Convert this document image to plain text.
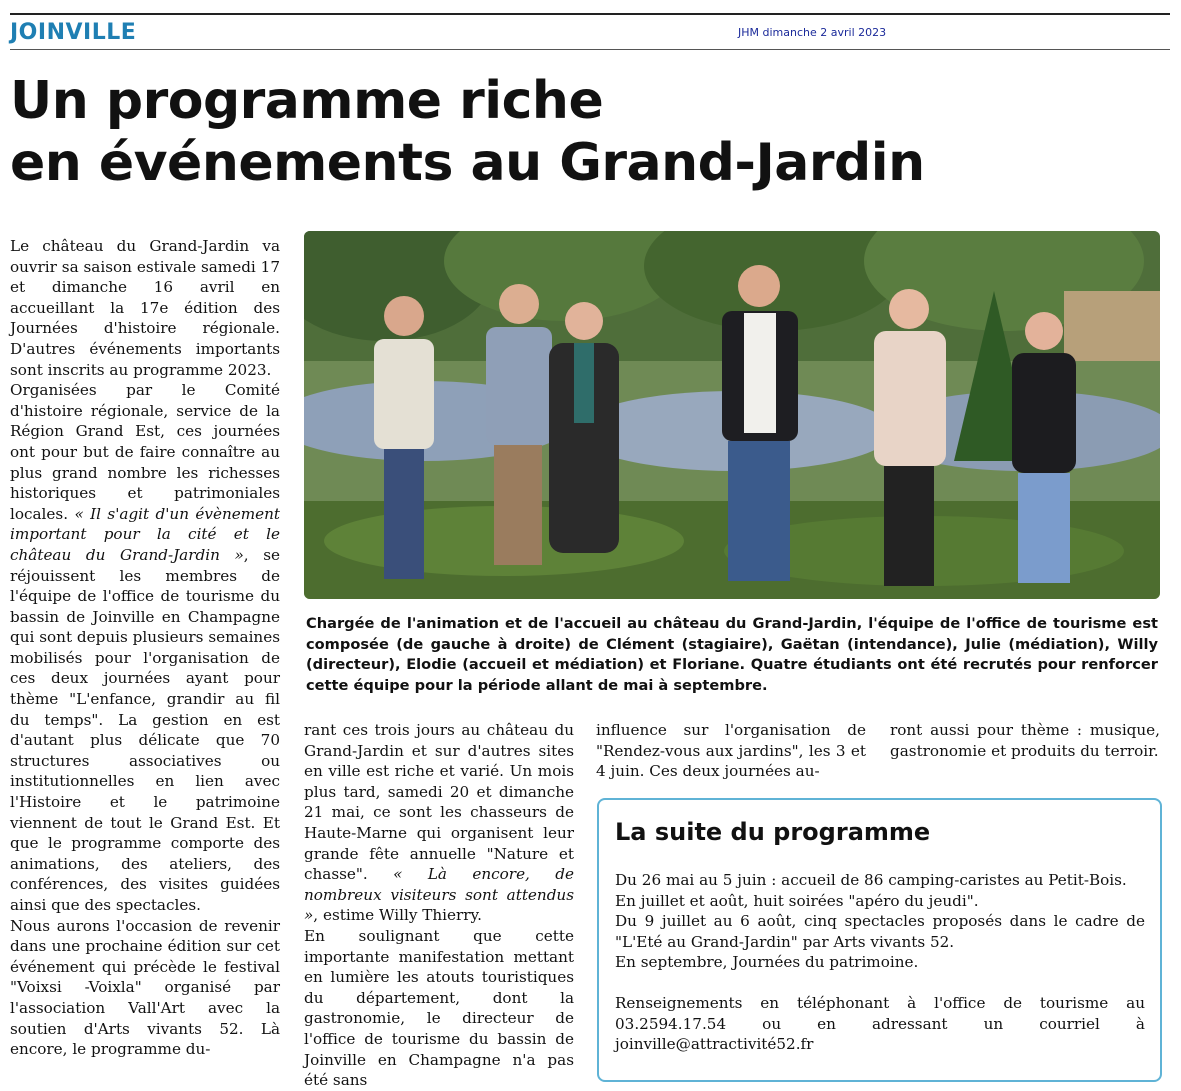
JOINVILLE	JHM dimanche 2 avril 2023
Un programme riche
en événements au Grand-Jardin

Le château du Grand-Jardin va ouvrir sa saison estivale samedi 17 et dimanche 16 avril en accueillant la 17e édition des Journées d'histoire régionale. D'autres événements importants sont inscrits au programme 2023.

Organisées par le Comité d'histoire régionale, service de la Région Grand Est, ces journées ont pour but de faire connaître au plus grand nombre les richesses historiques et patrimoniales locales. « Il s'agit d'un évènement important pour la cité et le château du Grand-Jardin », se réjouissent les membres de l'équipe de l'office de tourisme du bassin de Joinville en Champagne qui sont depuis plusieurs semaines mobilisés pour l'organisation de ces deux journées ayant pour thème "L'enfance, grandir au fil du temps". La gestion en est d'autant plus délicate que 70 structures associatives ou institutionnelles en lien avec l'Histoire et le patrimoine viennent de tout le Grand Est. Et que le programme comporte des animations, des ateliers, des conférences, des visites guidées ainsi que des spectacles.

Nous aurons l'occasion de revenir dans une prochaine édition sur cet événement qui précède le festival "Voixsi -Voixla" organisé par l'association Vall'Art avec la soutien d'Arts vivants 52. Là encore, le programme du-

Chargée de l'animation et de l'accueil au château du Grand-Jardin, l'équipe de l'office de tourisme est composée (de gauche à droite) de Clément (stagiaire), Gaëtan (intendance), Julie (médiation), Willy (directeur), Elodie (accueil et médiation) et Floriane. Quatre étudiants ont été recrutés pour renforcer cette équipe pour la période allant de mai à septembre.

rant ces trois jours au château du Grand-Jardin et sur d'autres sites en ville est riche et varié. Un mois plus tard, samedi 20 et dimanche 21 mai, ce sont les chasseurs de Haute-Marne qui organisent leur grande fête annuelle "Nature et chasse". « Là encore, de nombreux visiteurs sont attendus », estime Willy Thierry.

En soulignant que cette importante manifestation mettant en lumière les atouts touristiques du département, dont la gastronomie, le directeur de l'office de tourisme du bassin de Joinville en Champagne n'a pas été sans

influence sur l'organisation de "Rendez-vous aux jardins", les 3 et 4 juin. Ces deux journées au-

ront aussi pour thème : musique, gastronomie et produits du terroir.

La suite du programme

Du 26 mai au 5 juin : accueil de 86 camping-caristes au Petit-Bois.

En juillet et août, huit soirées "apéro du jeudi".

Du 9 juillet au 6 août, cinq spectacles proposés dans le cadre de "L'Eté au Grand-Jardin" par Arts vivants 52.

En septembre, Journées du patrimoine.

Renseignements en téléphonant à l'office de tourisme au 03.2594.17.54 ou en adressant un courriel à joinville@attractivité52.fr
